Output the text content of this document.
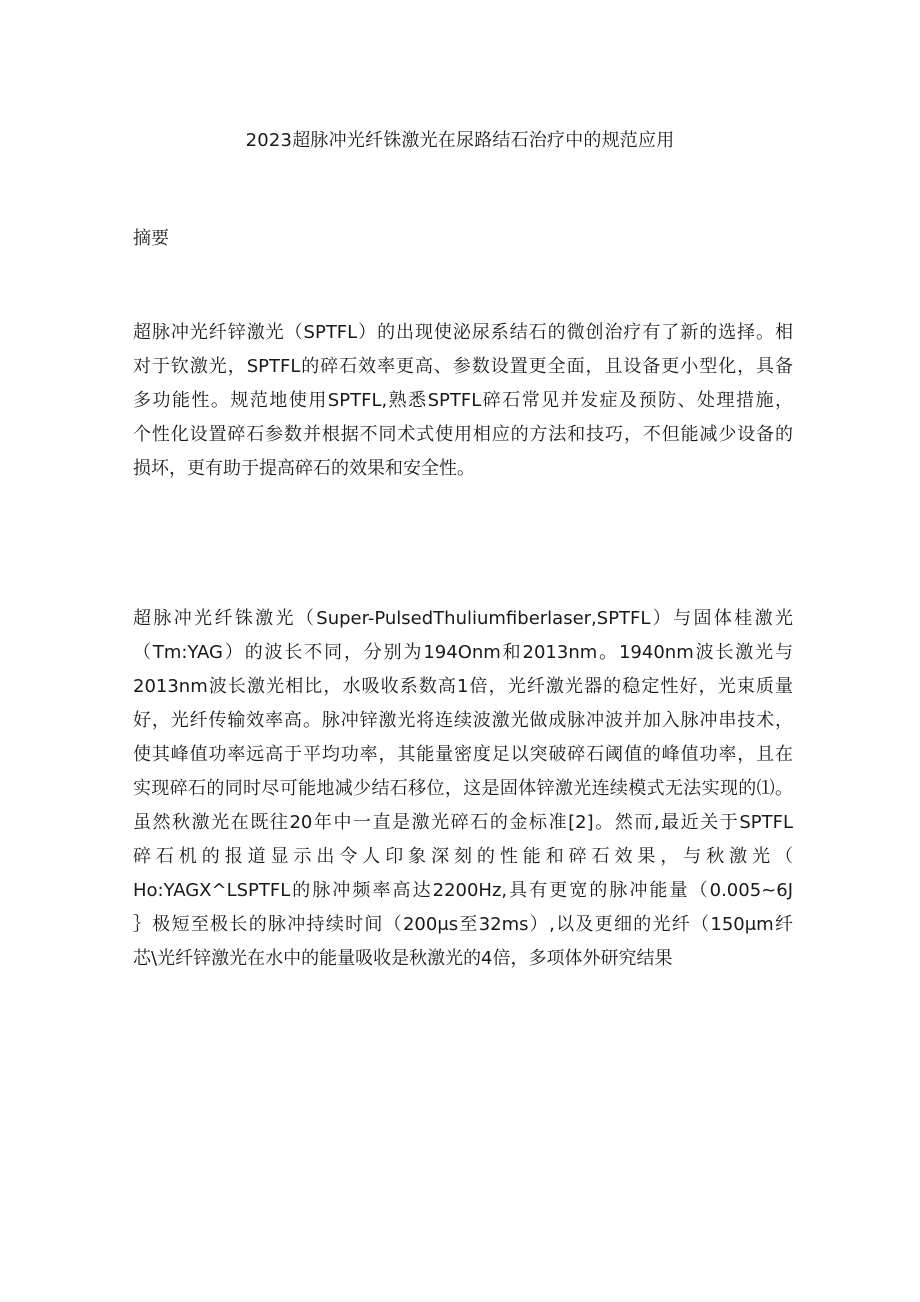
2023超脉冲光纤铢激光在尿路结石治疗中的规范应用
摘要
超脉冲光纤锌激光（SPTFL）的出现使泌尿系结石的微创治疗有了新的选择。相
对于钦激光，SPTFL的碎石效率更高、参数设置更全面，且设备更小型化，具备
多功能性。规范地使用SPTFL,熟悉SPTFL碎石常见并发症及预防、处理措施，
个性化设置碎石参数并根据不同术式使用相应的方法和技巧，不但能减少设备的
损坏，更有助于提高碎石的效果和安全性。
超脉冲光纤铢激光（Super-PulsedThuliumfiberlaser,SPTFL）与固体桂激光
（Tm:YAG）的波长不同，分别为194Onm和2013nm。1940nm波长激光与
2013nm波长激光相比，水吸收系数高1倍，光纤激光器的稳定性好，光束质量
好，光纤传输效率高。脉冲锌激光将连续波激光做成脉冲波并加入脉冲串技术，
使其峰值功率远高于平均功率，其能量密度足以突破碎石阈值的峰值功率，且在
实现碎石的同时尽可能地减少结石移位，这是固体锌激光连续模式无法实现的⑴。
虽然秋激光在既往20年中一直是激光碎石的金标准[2]。然而,最近关于SPTFL
碎石机的报道显示出令人印象深刻的性能和碎石效果，与秋激光（
Ho:YAGX^LSPTFL的脉冲频率高达2200Hz,具有更宽的脉冲能量（0.005~6J
｝极短至极长的脉冲持续时间（200μs至32ms）,以及更细的光纤（150μm纤
芯\光纤锌激光在水中的能量吸收是秋激光的4倍，多项体外研究结果
